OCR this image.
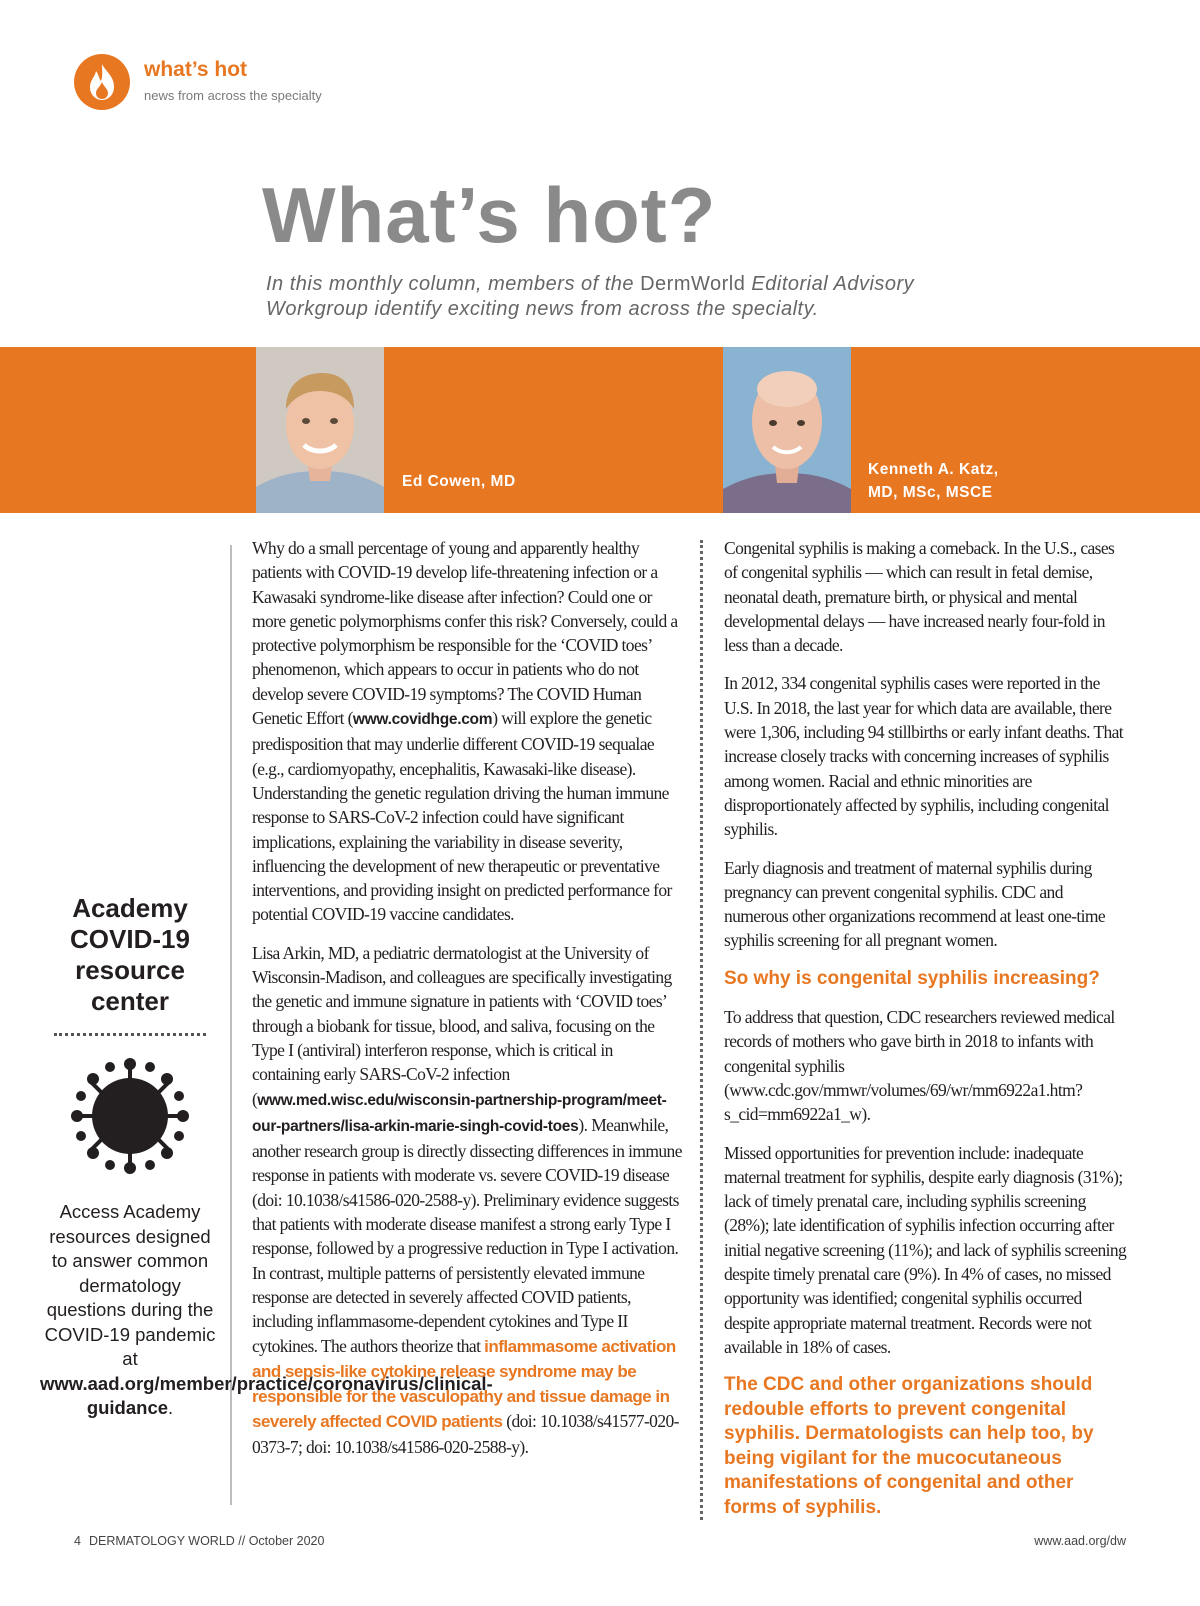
what’s hot
news from across the specialty
What’s hot?
In this monthly column, members of the DermWorld Editorial Advisory Workgroup identify exciting news from across the specialty.
Ed Cowen, MD
Kenneth A. Katz,
MD, MSc, MSCE

Academy COVID-19 resource center

Access Academy resources designed to answer common dermatology questions during the COVID-19 pandemic at www.aad.org/member/practice/coronavirus/clinical-guidance.

Why do a small percentage of young and apparently healthy patients with COVID-19 develop life-threatening infection or a Kawasaki syndrome-like disease after infection? Could one or more genetic polymorphisms confer this risk? Conversely, could a protective polymorphism be responsible for the ‘COVID toes’ phenomenon, which appears to occur in patients who do not develop severe COVID-19 symptoms? The COVID Human Genetic Effort (www.covidhge.com) will explore the genetic predisposition that may underlie different COVID-19 sequalae (e.g., cardiomyopathy, encephalitis, Kawasaki-like disease). Understanding the genetic regulation driving the human immune response to SARS-CoV-2 infection could have significant implications, explaining the variability in disease severity, influencing the development of new therapeutic or preventative interventions, and providing insight on predicted performance for potential COVID-19 vaccine candidates.

Lisa Arkin, MD, a pediatric dermatologist at the University of Wisconsin-Madison, and colleagues are specifically investigating the genetic and immune signature in patients with ‘COVID toes’ through a biobank for tissue, blood, and saliva, focusing on the Type I (antiviral) interferon response, which is critical in containing early SARS-CoV-2 infection (www.med.wisc.edu/wisconsin-partnership-program/meet-our-partners/lisa-arkin-marie-singh-covid-toes). Meanwhile, another research group is directly dissecting differences in immune response in patients with moderate vs. severe COVID-19 disease (doi: 10.1038/s41586-020-2588-y). Preliminary evidence suggests that patients with moderate disease manifest a strong early Type I response, followed by a progressive reduction in Type I activation. In contrast, multiple patterns of persistently elevated immune response are detected in severely affected COVID patients, including inflammasome-dependent cytokines and Type II cytokines. The authors theorize that inflammasome activation and sepsis-like cytokine release syndrome may be responsible for the vasculopathy and tissue damage in severely affected COVID patients (doi: 10.1038/s41577-020-0373-7; doi: 10.1038/s41586-020-2588-y).

Congenital syphilis is making a comeback. In the U.S., cases of congenital syphilis — which can result in fetal demise, neonatal death, premature birth, or physical and mental developmental delays — have increased nearly four-fold in less than a decade.

In 2012, 334 congenital syphilis cases were reported in the U.S. In 2018, the last year for which data are available, there were 1,306, including 94 stillbirths or early infant deaths. That increase closely tracks with concerning increases of syphilis among women. Racial and ethnic minorities are disproportionately affected by syphilis, including congenital syphilis.

Early diagnosis and treatment of maternal syphilis during pregnancy can prevent congenital syphilis. CDC and numerous other organizations recommend at least one-time syphilis screening for all pregnant women.

So why is congenital syphilis increasing?

To address that question, CDC researchers reviewed medical records of mothers who gave birth in 2018 to infants with congenital syphilis (www.cdc.gov/mmwr/volumes/69/wr/mm6922a1.htm?s_cid=mm6922a1_w).

Missed opportunities for prevention include: inadequate maternal treatment for syphilis, despite early diagnosis (31%); lack of timely prenatal care, including syphilis screening (28%); late identification of syphilis infection occurring after initial negative screening (11%); and lack of syphilis screening despite timely prenatal care (9%). In 4% of cases, no missed opportunity was identified; congenital syphilis occurred despite appropriate maternal treatment. Records were not available in 18% of cases.

The CDC and other organizations should redouble efforts to prevent congenital syphilis. Dermatologists can help too, by being vigilant for the mucocutaneous manifestations of congenital and other forms of syphilis.

4 DERMATOLOGY WORLD // October 2020	www.aad.org/dw
